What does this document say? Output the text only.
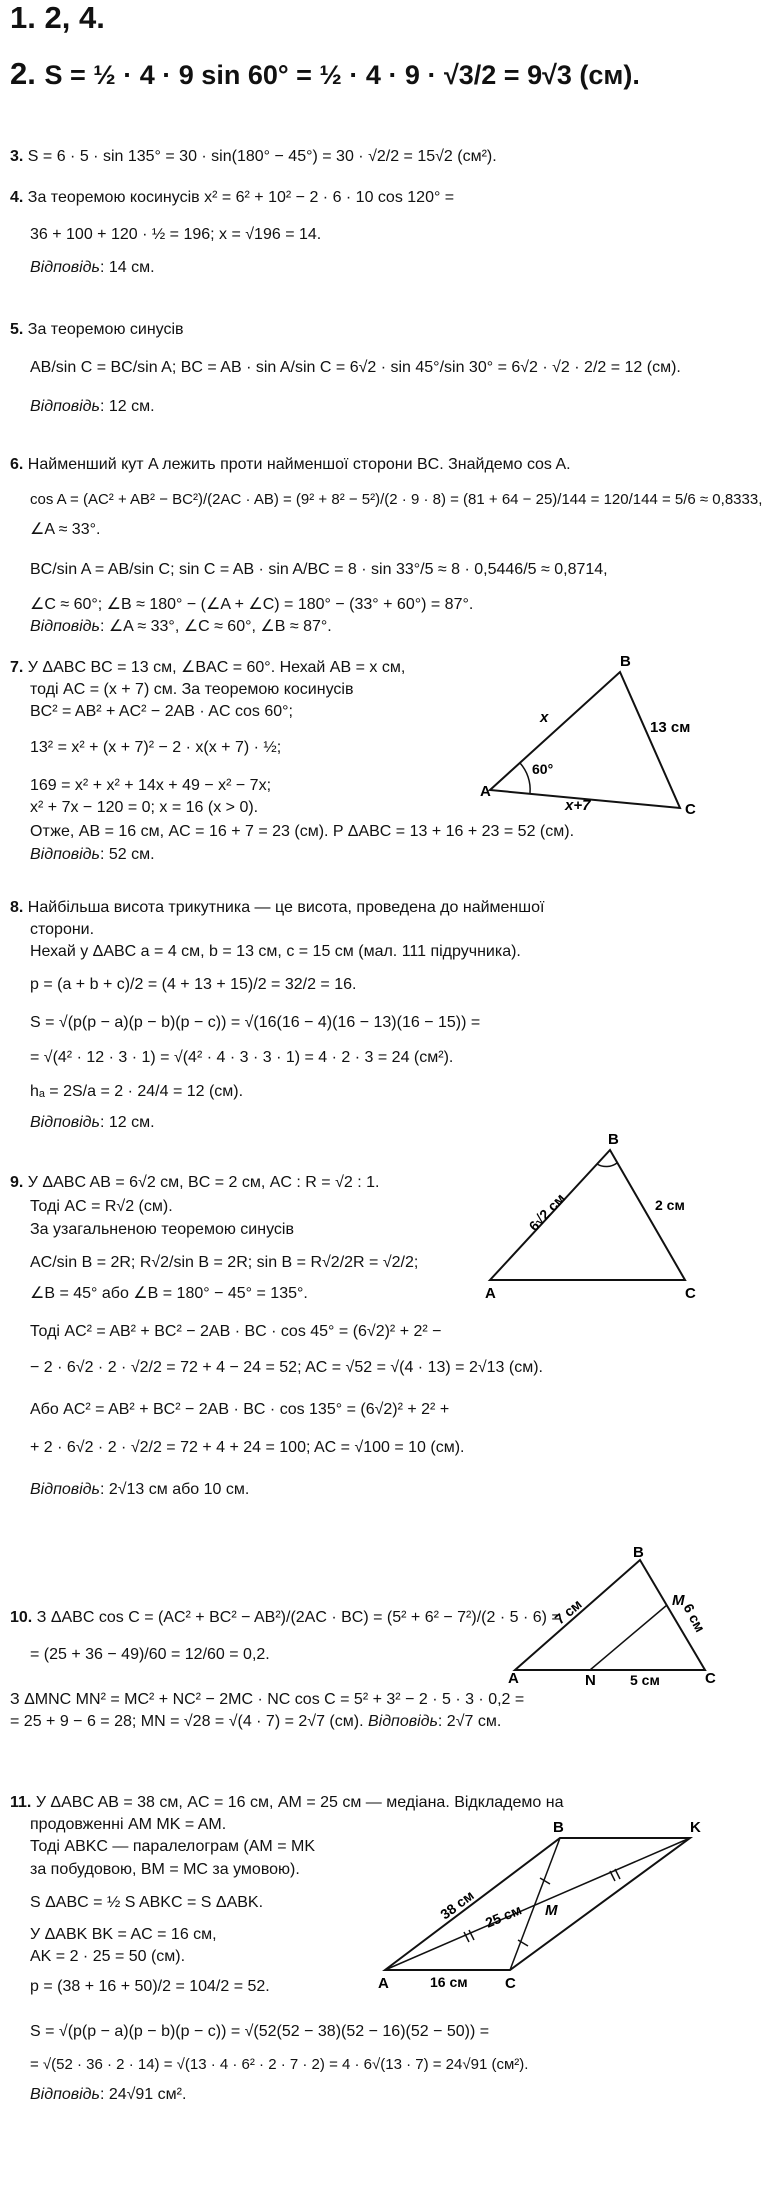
1. 2, 4.
2. S = ½ · 4 · 9 sin 60° = ½ · 4 · 9 · √3/2 = 9√3 (см).
3. S = 6 · 5 · sin 135° = 30 · sin(180° − 45°) = 30 · √2/2 = 15√2 (см²).
4. За теоремою косинусів x² = 6² + 10² − 2 · 6 · 10 cos 120° =
36 + 100 + 120 · ½ = 196; x = √196 = 14.
Відповідь: 14 см.
5. За теоремою синусів
AB/sin C = BC/sin A; BC = AB · sin A/sin C = 6√2 · sin 45°/sin 30° = 6√2 · √2 · 2/2 = 12 (см).
Відповідь: 12 см.
6. Найменший кут A лежить проти найменшої сторони BC. Знайдемо cos A.
cos A = (AC² + AB² − BC²)/(2AC · AB) = (9² + 8² − 5²)/(2 · 9 · 8) = (81 + 64 − 25)/144 = 120/144 = 5/6 ≈ 0,8333,
∠A ≈ 33°.
BC/sin A = AB/sin C; sin C = AB · sin A/BC = 8 · sin 33°/5 ≈ 8 · 0,5446/5 ≈ 0,8714,
∠C ≈ 60°; ∠B ≈ 180° − (∠A + ∠C) = 180° − (33° + 60°) = 87°.
Відповідь: ∠A ≈ 33°, ∠C ≈ 60°, ∠B ≈ 87°.
7. У ΔABC BC = 13 см, ∠BAC = 60°. Нехай AB = x см,
тоді AC = (x + 7) см. За теоремою косинусів
BC² = AB² + AC² − 2AB · AC cos 60°;
13² = x² + (x + 7)² − 2 · x(x + 7) · ½;
169 = x² + x² + 14x + 49 − x² − 7x;
x² + 7x − 120 = 0; x = 16 (x > 0).
Отже, AB = 16 см, AC = 16 + 7 = 23 (см). P ΔABC = 13 + 16 + 23 = 52 (см).
Відповідь: 52 см.
A
B
C
x
13 см
x+7
60°
8. Найбільша висота трикутника — це висота, проведена до найменшої
сторони.
Нехай у ΔABC a = 4 см, b = 13 см, c = 15 см (мал. 111 підручника).
p = (a + b + c)/2 = (4 + 13 + 15)/2 = 32/2 = 16.
S = √(p(p − a)(p − b)(p − c)) = √(16(16 − 4)(16 − 13)(16 − 15)) =
= √(4² · 12 · 3 · 1) = √(4² · 4 · 3 · 3 · 1) = 4 · 2 · 3 = 24 (см²).
hₐ = 2S/a = 2 · 24/4 = 12 (см).
Відповідь: 12 см.
9. У ΔABC AB = 6√2 см, BC = 2 см, AC : R = √2 : 1.
Тоді AC = R√2 (см).
За узагальненою теоремою синусів
AC/sin B = 2R; R√2/sin B = 2R; sin B = R√2/2R = √2/2;
∠B = 45° або ∠B = 180° − 45° = 135°.
Тоді AC² = AB² + BC² − 2AB · BC · cos 45° = (6√2)² + 2² −
− 2 · 6√2 · 2 · √2/2 = 72 + 4 − 24 = 52; AC = √52 = √(4 · 13) = 2√13 (см).
Або AC² = AB² + BC² − 2AB · BC · cos 135° = (6√2)² + 2² +
+ 2 · 6√2 · 2 · √2/2 = 72 + 4 + 24 = 100; AC = √100 = 10 (см).
Відповідь: 2√13 см або 10 см.
A
B
C
6√2 см	2 см
10. З ΔABC cos C = (AC² + BC² − AB²)/(2AC · BC) = (5² + 6² − 7²)/(2 · 5 · 6) =
= (25 + 36 − 49)/60 = 12/60 = 0,2.
З ΔMNC MN² = MC² + NC² − 2MC · NC cos C = 5² + 3² − 2 · 5 · 3 · 0,2 =
= 25 + 9 − 6 = 28; MN = √28 = √(4 · 7) = 2√7 (см). Відповідь: 2√7 см.
A
B
C
M
N
7 см	6 см
5 см
11. У ΔABC AB = 38 см, AC = 16 см, AM = 25 см — медіана. Відкладемо на
продовженні AM MK = AM.
Тоді ABKC — паралелограм (AM = MK
за побудовою, BM = MC за умовою).
S ΔABC = ½ S ABKC = S ΔABK.
У ΔABK BK = AC = 16 см,
AK = 2 · 25 = 50 (см).
p = (38 + 16 + 50)/2 = 104/2 = 52.
S = √(p(p − a)(p − b)(p − c)) = √(52(52 − 38)(52 − 16)(52 − 50)) =
= √(52 · 36 · 2 · 14) = √(13 · 4 · 6² · 2 · 7 · 2) = 4 · 6√(13 · 7) = 24√91 (см²).
Відповідь: 24√91 см².
A
B	K
C
M
38 см 25 см
16 см
